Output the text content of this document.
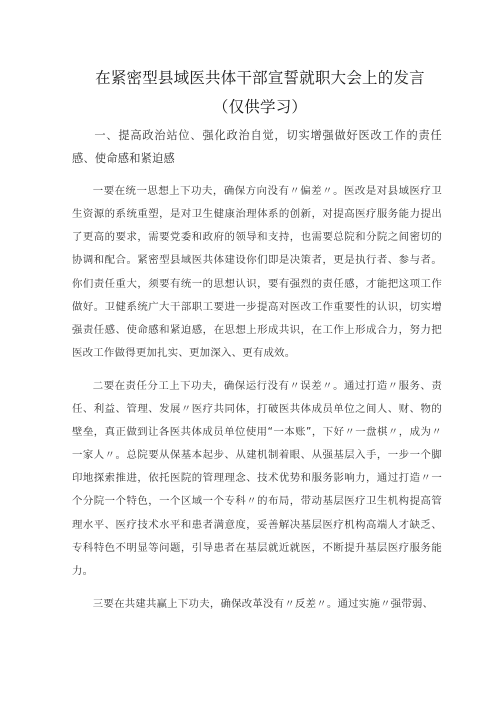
在紧密型县域医共体干部宣誓就职大会上的发言（仅供学习）

一、提高政治站位、强化政治自觉，切实增强做好医改工作的责任感、使命感和紧迫感

一要在统一思想上下功夫，确保方向没有〃偏差〃。医改是对县域医疗卫生资源的系统重塑，是对卫生健康治理体系的创新，对提高医疗服务能力提出了更高的要求，需要党委和政府的领导和支持，也需要总院和分院之间密切的协调和配合。紧密型县域医共体建设你们即是决策者，更是执行者、参与者。你们责任重大，须要有统一的思想认识，要有强烈的责任感，才能把这项工作做好。卫健系统广大干部职工要进一步提高对医改工作重要性的认识，切实增强责任感、使命感和紧迫感，在思想上形成共识，在工作上形成合力，努力把医改工作做得更加扎实、更加深入、更有成效。

二要在责任分工上下功夫，确保运行没有〃误差〃。通过打造〃服务、责任、利益、管理、发展〃医疗共同体，打破医共体成员单位之间人、财、物的壁垒，真正做到让各医共体成员单位使用“一本账”，下好〃一盘棋〃，成为〃一家人〃。总院要从保基本起步、从建机制着眼、从强基层入手，一步一个脚印地探索推进，依托医院的管理理念、技术优势和服务影响力，通过打造〃一个分院一个特色，一个区域一个专科〃的布局，带动基层医疗卫生机构提高管理水平、医疗技术水平和患者满意度，妥善解决基层医疗机构高端人才缺乏、专科特色不明显等问题，引导患者在基层就近就医，不断提升基层医疗服务能力。

三要在共建共赢上下功夫，确保改革没有〃反差〃。通过实施〃强带弱、
